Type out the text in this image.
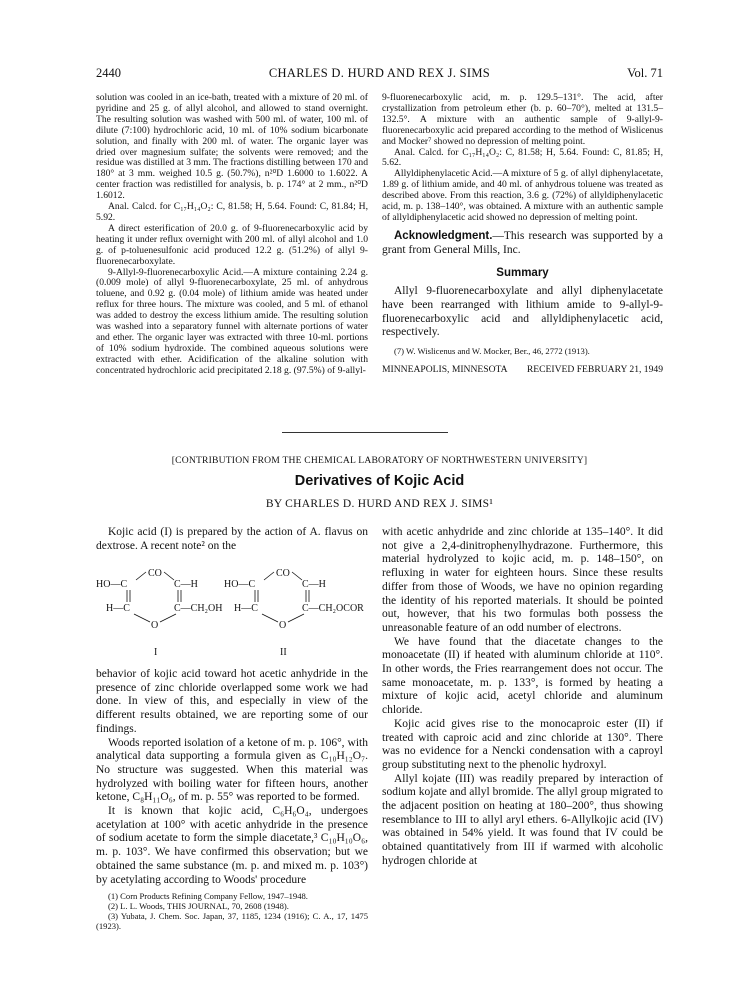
2440	CHARLES D. HURD AND REX J. SIMS	Vol. 71

solution was cooled in an ice-bath, treated with a mixture of 20 ml. of pyridine and 25 g. of allyl alcohol, and allowed to stand overnight. The resulting solution was washed with 500 ml. of water, 100 ml. of dilute (7:100) hydrochloric acid, 10 ml. of 10% sodium bicarbonate solution, and finally with 200 ml. of water. The organic layer was dried over magnesium sulfate; the solvents were removed; and the residue was distilled at 3 mm. The fractions distilling between 170 and 180° at 3 mm. weighed 10.5 g. (50.7%), n²⁰D 1.6000 to 1.6022. A center fraction was redistilled for analysis, b. p. 174° at 2 mm., n²⁰D 1.6012.

Anal. Calcd. for C₁₇H₁₄O₂: C, 81.58; H, 5.64. Found: C, 81.84; H, 5.92.

A direct esterification of 20.0 g. of 9-fluorenecarboxylic acid by heating it under reflux overnight with 200 ml. of allyl alcohol and 1.0 g. of p-toluenesulfonic acid produced 12.2 g. (51.2%) of allyl 9-fluorenecarboxylate.

9-Allyl-9-fluorenecarboxylic Acid.—A mixture containing 2.24 g. (0.009 mole) of allyl 9-fluorenecarboxylate, 25 ml. of anhydrous toluene, and 0.92 g. (0.04 mole) of lithium amide was heated under reflux for three hours. The mixture was cooled, and 5 ml. of ethanol was added to destroy the excess lithium amide. The resulting solution was washed into a separatory funnel with alternate portions of water and ether. The organic layer was extracted with three 10-ml. portions of 10% sodium hydroxide. The combined aqueous solutions were extracted with ether. Acidification of the alkaline solution with concentrated hydrochloric acid precipitated 2.18 g. (97.5%) of 9-allyl-

9-fluorenecarboxylic acid, m. p. 129.5–131°. The acid, after crystallization from petroleum ether (b. p. 60–70°), melted at 131.5–132.5°. A mixture with an authentic sample of 9-allyl-9-fluorenecarboxylic acid prepared according to the method of Wislicenus and Mocker⁷ showed no depression of melting point.

Anal. Calcd. for C₁₇H₁₄O₂: C, 81.58; H, 5.64. Found: C, 81.85; H, 5.62.

Allyldiphenylacetic Acid.—A mixture of 5 g. of allyl diphenylacetate, 1.89 g. of lithium amide, and 40 ml. of anhydrous toluene was treated as described above. From this reaction, 3.6 g. (72%) of allyldiphenylacetic acid, m. p. 138–140°, was obtained. A mixture with an authentic sample of allyldiphenylacetic acid showed no depression of melting point.

Acknowledgment.—This research was supported by a grant from General Mills, Inc.

Summary

Allyl 9-fluorenecarboxylate and allyl diphenylacetate have been rearranged with lithium amide to 9-allyl-9-fluorenecarboxylic acid and allyldiphenylacetic acid, respectively.

(7) W. Wislicenus and W. Mocker, Ber., 46, 2772 (1913).

MINNEAPOLIS, MINNESOTA RECEIVED FEBRUARY 21, 1949
[CONTRIBUTION FROM THE CHEMICAL LABORATORY OF NORTHWESTERN UNIVERSITY]
Derivatives of Kojic Acid
BY CHARLES D. HURD AND REX J. SIMS¹

Kojic acid (I) is prepared by the action of A. flavus on dextrose. A recent note² on the

CO
HO—C	C—H
H—C	C—CH₂OH
O
I
CO
HO—C	C—H
H—C	C—CH₂OCOR
O
II

behavior of kojic acid toward hot acetic anhydride in the presence of zinc chloride overlapped some work we had done. In view of this, and especially in view of the different results obtained, we are reporting some of our findings.

Woods reported isolation of a ketone of m. p. 106°, with analytical data supporting a formula given as C₁₀H₁₂O₇. No structure was suggested. When this material was hydrolyzed with boiling water for fifteen hours, another ketone, C₈H₁₁O₆, of m. p. 55° was reported to be formed.

It is known that kojic acid, C₆H₆O₄, undergoes acetylation at 100° with acetic anhydride in the presence of sodium acetate to form the simple diacetate,³ C₁₀H₁₀O₆, m. p. 103°. We have confirmed this observation; but we obtained the same substance (m. p. and mixed m. p. 103°) by acetylating according to Woods' procedure

(1) Corn Products Refining Company Fellow, 1947–1948.

(2) L. L. Woods, THIS JOURNAL, 70, 2608 (1948).

(3) Yubata, J. Chem. Soc. Japan, 37, 1185, 1234 (1916); C. A., 17, 1475 (1923).

with acetic anhydride and zinc chloride at 135–140°. It did not give a 2,4-dinitrophenylhydrazone. Furthermore, this material hydrolyzed to kojic acid, m. p. 148–150°, on refluxing in water for eighteen hours. Since these results differ from those of Woods, we have no opinion regarding the identity of his reported materials. It should be pointed out, however, that his two formulas both possess the unreasonable feature of an odd number of electrons.

We have found that the diacetate changes to the monoacetate (II) if heated with aluminum chloride at 110°. In other words, the Fries rearrangement does not occur. The same monoacetate, m. p. 133°, is formed by heating a mixture of kojic acid, acetyl chloride and aluminum chloride.

Kojic acid gives rise to the monocaproic ester (II) if treated with caproic acid and zinc chloride at 130°. There was no evidence for a Nencki condensation with a caproyl group substituting next to the phenolic hydroxyl.

Allyl kojate (III) was readily prepared by interaction of sodium kojate and allyl bromide. The allyl group migrated to the adjacent position on heating at 180–200°, thus showing resemblance to III to allyl aryl ethers. 6-Allylkojic acid (IV) was obtained in 54% yield. It was found that IV could be obtained quantitatively from III if warmed with alcoholic hydrogen chloride at
